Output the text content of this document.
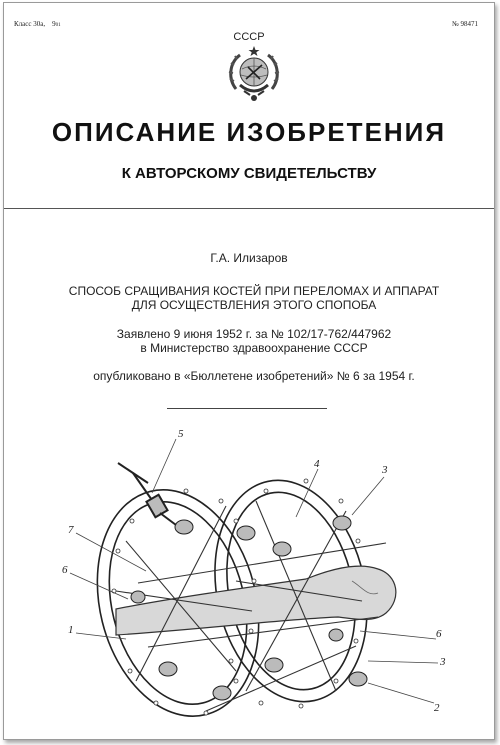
Класс 30a, 901	№ 98471
СССР
ОПИСАНИЕ ИЗОБРЕТЕНИЯ
К АВТОРСКОМУ СВИДЕТЕЛЬСТВУ
Г.А. Илизаров
СПОСОБ СРАЩИВАНИЯ КОСТЕЙ ПРИ ПЕРЕЛОМАХ И АППАРАТ
ДЛЯ ОСУЩЕСТВЛЕНИЯ ЭТОГО СПОПОБА
Заявлено 9 июня 1952 г. за № 102/17-762/447962
в Министерство здравоохранение СССР
опубликовано в «Бюллетене изобретений» № 6 за 1954 г.
5
4	3
7
6
1	6
3
2
